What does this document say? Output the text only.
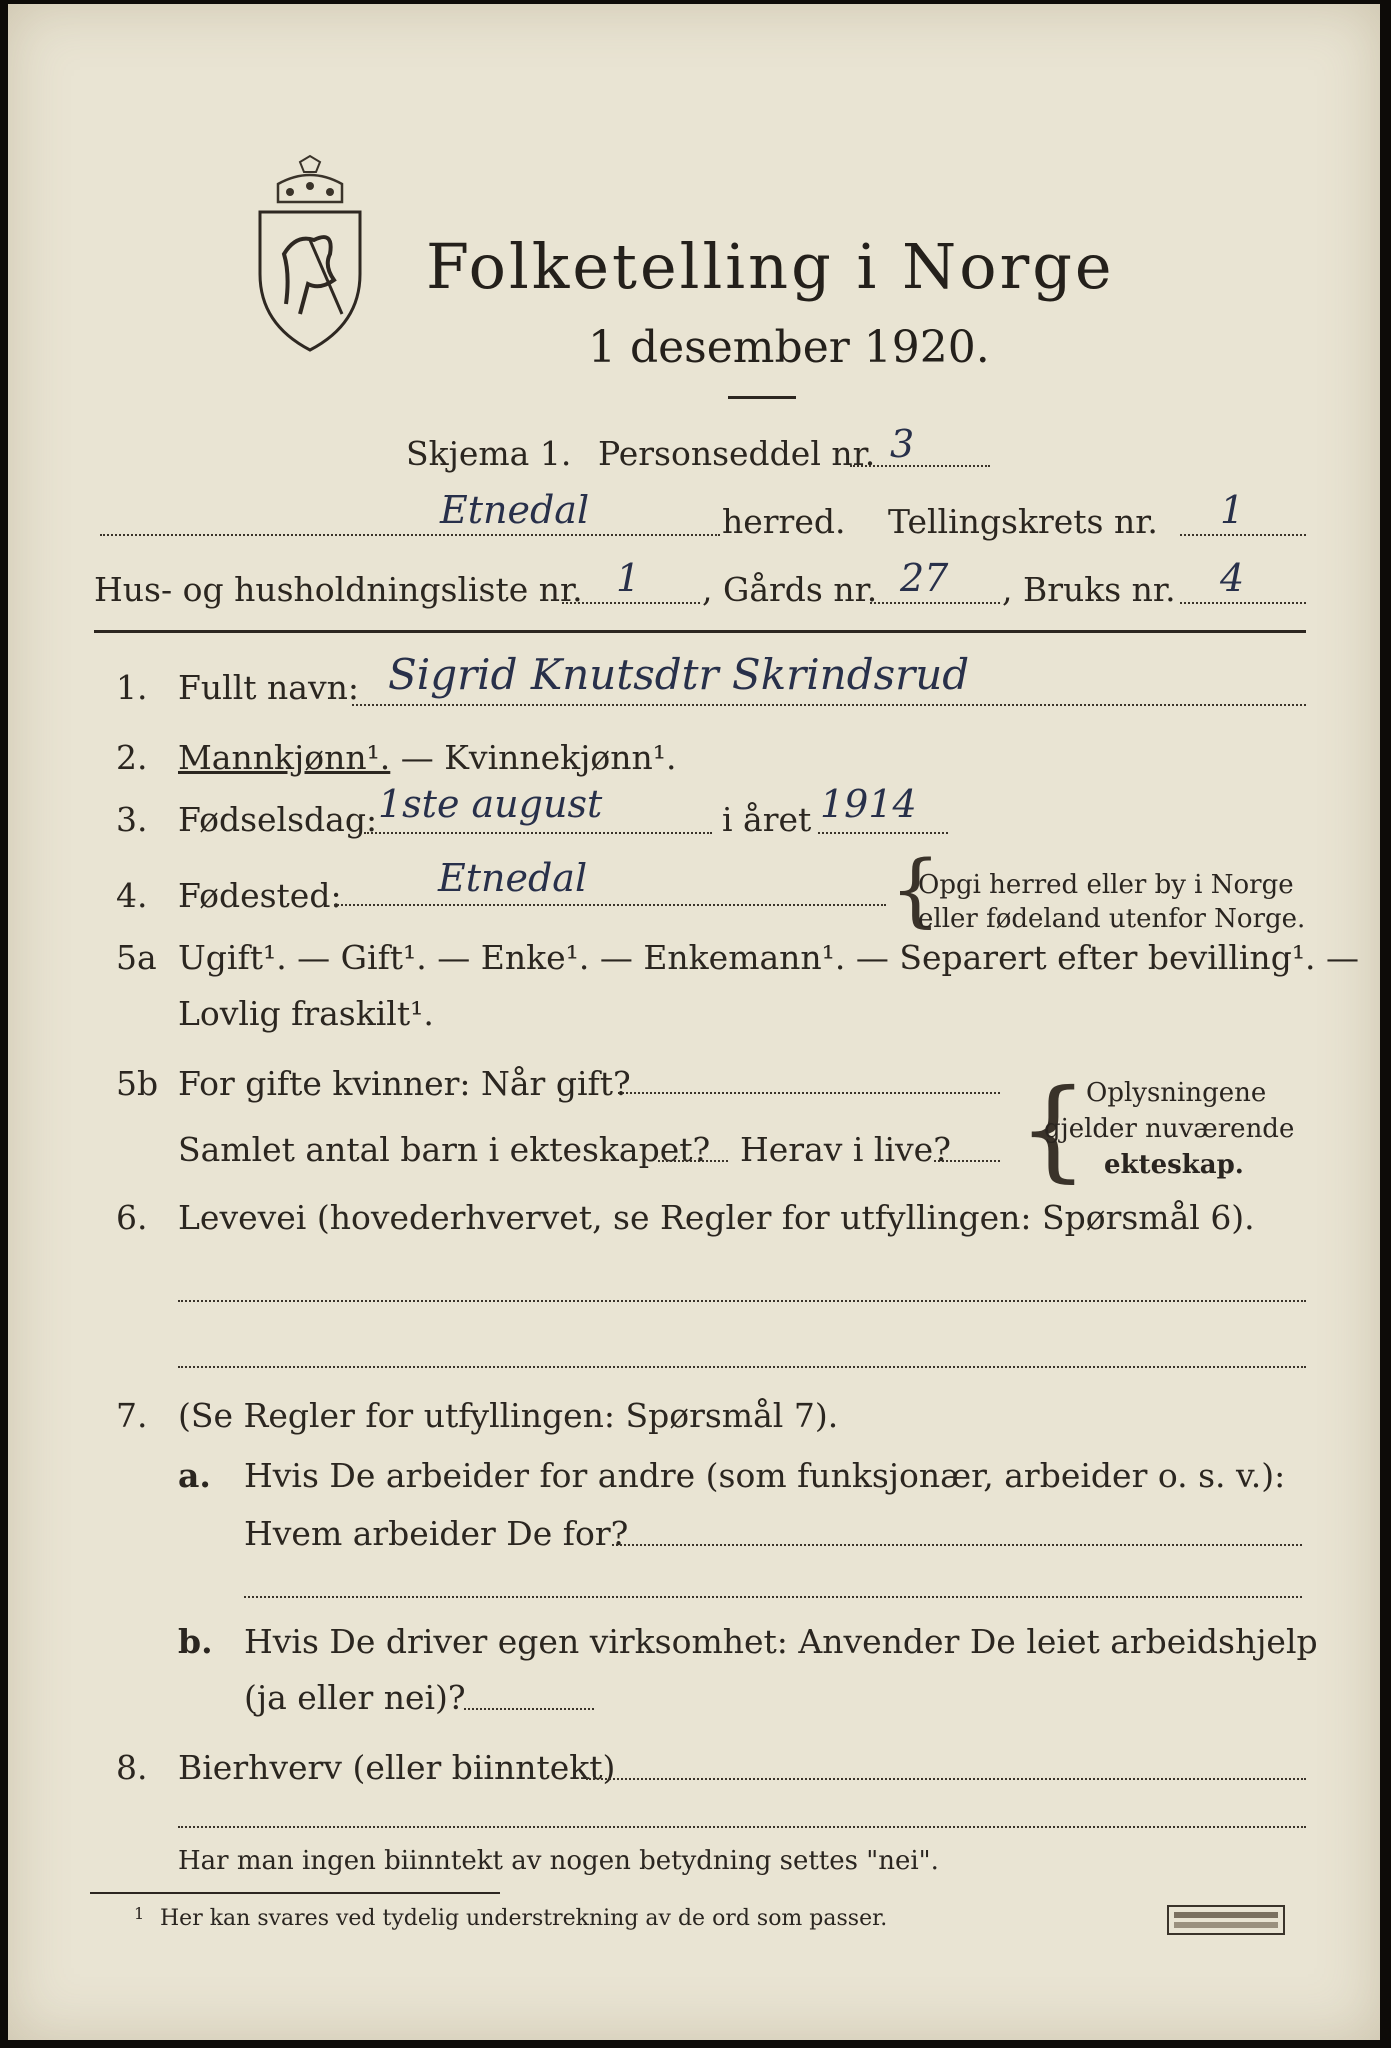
Folketelling i Norge
1 desember 1920.
Skjema 1. Personseddel nr. 3
Etnedal	herred. Tellingskrets nr. 1
Hus- og husholdningsliste nr. 1 , Gårds nr. 27 , Bruks nr. 4
1. Fullt navn: Sigrid Knutsdtr Skrindsrud
2. Mannkjønn¹. — Kvinnekjønn¹.
3. Fødselsdag: 1ste august	i året 1914
4. Fødested:	Etnedal	{
Opgi herred eller by i Norge
eller fødeland utenfor Norge.
5a Ugift¹. — Gift¹. — Enke¹. — Enkemann¹. — Separert efter bevilling¹. —
Lovlig fraskilt¹.
5b For gifte kvinner: Når gift?
Samlet antal barn i ekteskapet? Herav i live? {
Oplysningene
gjelder nuværende
ekteskap.
6. Levevei (hovederhvervet, se Regler for utfyllingen: Spørsmål 6).
7. (Se Regler for utfyllingen: Spørsmål 7).
a. Hvis De arbeider for andre (som funksjonær, arbeider o. s. v.):
Hvem arbeider De for?
b. Hvis De driver egen virksomhet: Anvender De leiet arbeidshjelp
(ja eller nei)?
8. Bierhverv (eller biinntekt)
Har man ingen biinntekt av nogen betydning settes "nei".
1 Her kan svares ved tydelig understrekning av de ord som passer.
